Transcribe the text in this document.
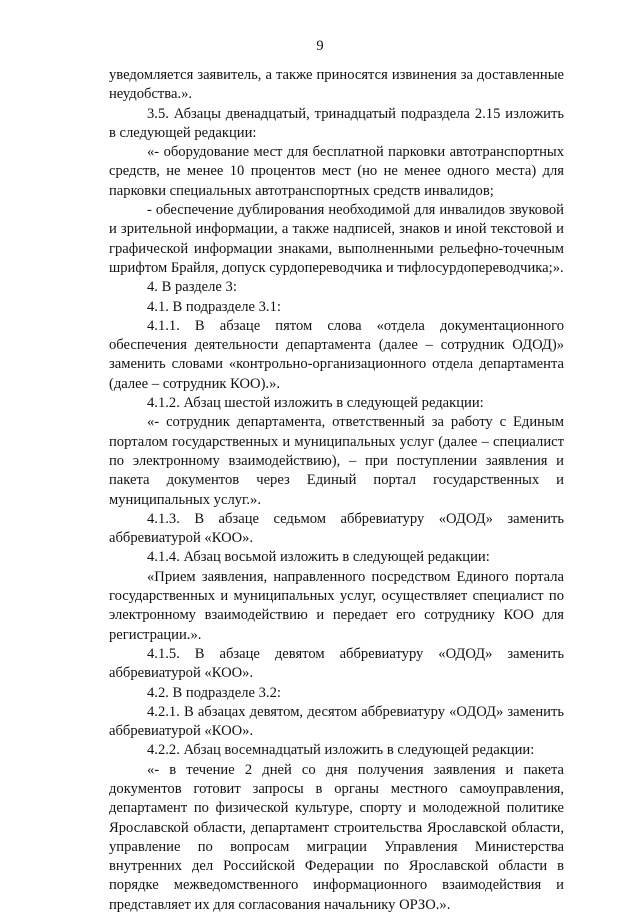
9

уведомляется заявитель, а также приносятся извинения за доставленные неудобства.».

3.5. Абзацы двенадцатый, тринадцатый подраздела 2.15 изложить в следующей редакции:

«- оборудование мест для бесплатной парковки автотранспортных средств, не менее 10 процентов мест (но не менее одного места) для парковки специальных автотранспортных средств инвалидов;

- обеспечение дублирования необходимой для инвалидов звуковой и зрительной информации, а также надписей, знаков и иной текстовой и графической информации знаками, выполненными рельефно-точечным шрифтом Брайля, допуск сурдопереводчика и тифлосурдопереводчика;».

4. В разделе 3:

4.1. В подразделе 3.1:

4.1.1. В абзаце пятом слова «отдела документационного обеспечения деятельности департамента (далее – сотрудник ОДОД)» заменить словами «контрольно-организационного отдела департамента (далее – сотрудник КОО).».

4.1.2. Абзац шестой изложить в следующей редакции:

«- сотрудник департамента, ответственный за работу с Единым порталом государственных и муниципальных услуг (далее – специалист по электронному взаимодействию), – при поступлении заявления и пакета документов через Единый портал государственных и муниципальных услуг.».

4.1.3. В абзаце седьмом аббревиатуру «ОДОД» заменить аббревиатурой «КОО».

4.1.4. Абзац восьмой изложить в следующей редакции:

«Прием заявления, направленного посредством Единого портала государственных и муниципальных услуг, осуществляет специалист по электронному взаимодействию и передает его сотруднику КОО для регистрации.».

4.1.5. В абзаце девятом аббревиатуру «ОДОД» заменить аббревиатурой «КОО».

4.2. В подразделе 3.2:

4.2.1. В абзацах девятом, десятом аббревиатуру «ОДОД» заменить аббревиатурой «КОО».

4.2.2. Абзац восемнадцатый изложить в следующей редакции:

«- в течение 2 дней со дня получения заявления и пакета документов готовит запросы в органы местного самоуправления, департамент по физической культуре, спорту и молодежной политике Ярославской области, департамент строительства Ярославской области, управление по вопросам миграции Управления Министерства внутренних дел Российской Федерации по Ярославской области в порядке межведомственного информационного взаимодействия и представляет их для согласования начальнику ОРЗО.».
